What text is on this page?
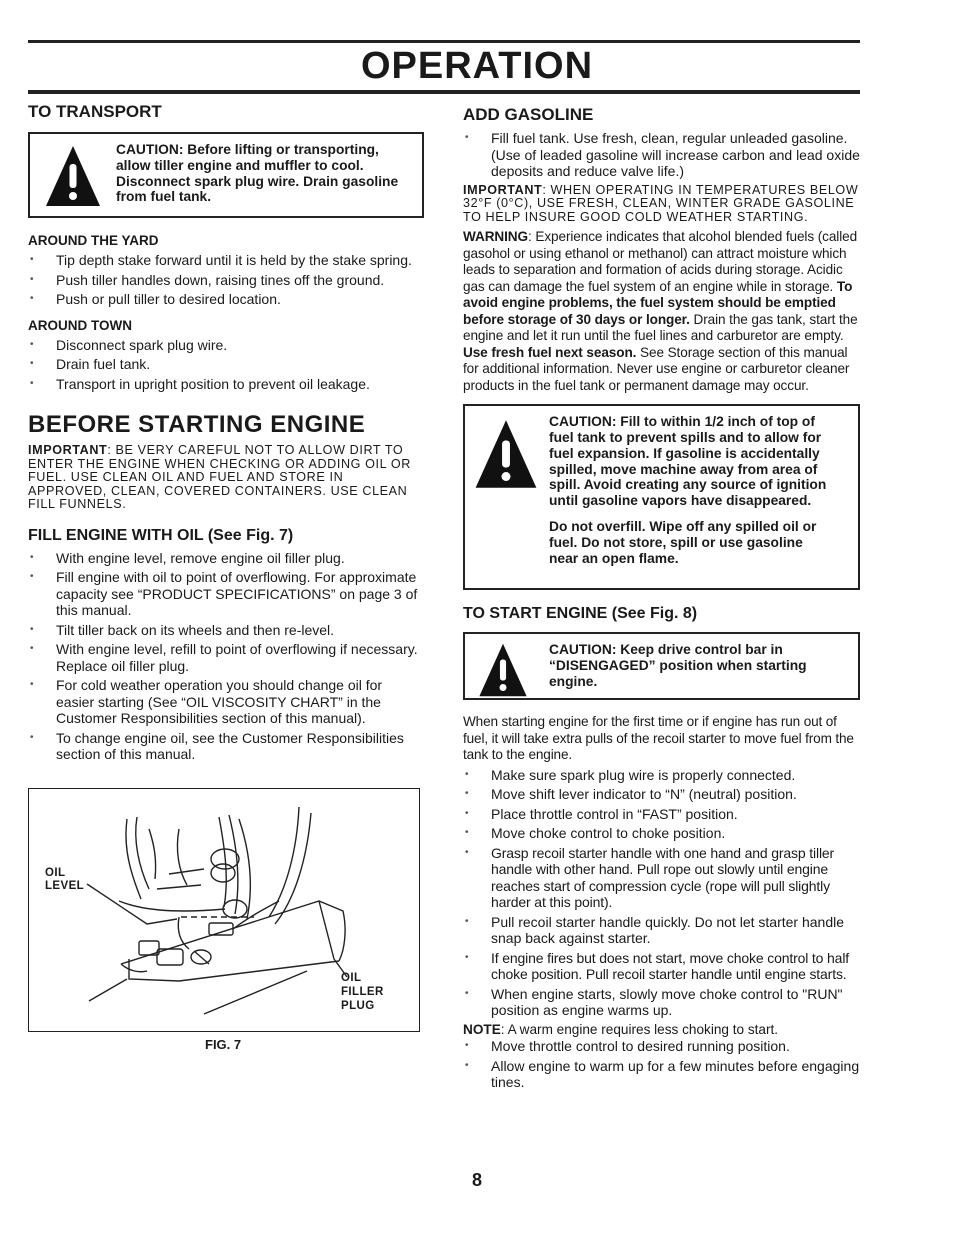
OPERATION
TO TRANSPORT

CAUTION: Before lifting or transporting, allow tiller engine and muffler to cool. Disconnect spark plug wire. Drain gasoline from fuel tank.

AROUND THE YARD
• Tip depth stake forward until it is held by the stake spring.
• Push tiller handles down, raising tines off the ground.
• Push or pull tiller to desired location.
AROUND TOWN
• Disconnect spark plug wire.
• Drain fuel tank.
• Transport in upright position to prevent oil leakage.
BEFORE STARTING ENGINE

IMPORTANT: BE VERY CAREFUL NOT TO ALLOW DIRT TO ENTER THE ENGINE WHEN CHECKING OR ADDING OIL OR FUEL. USE CLEAN OIL AND FUEL AND STORE IN APPROVED, CLEAN, COVERED CONTAINERS. USE CLEAN FILL FUNNELS.

FILL ENGINE WITH OIL (See Fig. 7)
• With engine level, remove engine oil filler plug.
• Fill engine with oil to point of overflowing. For approximate capacity see “PRODUCT SPECIFICATIONS” on page 3 of this manual.
• Tilt tiller back on its wheels and then re-level.
• With engine level, refill to point of overflowing if necessary. Replace oil filler plug.
• For cold weather operation you should change oil for easier starting (See “OIL VISCOSITY CHART” in the Customer Responsibilities section of this manual).
• To change engine oil, see the Customer Responsibilities section of this manual.
OIL
LEVEL
OIL
FILLER
PLUG
FIG. 7
ADD GASOLINE
• Fill fuel tank. Use fresh, clean, regular unleaded gasoline. (Use of leaded gasoline will increase carbon and lead oxide deposits and reduce valve life.)

IMPORTANT: WHEN OPERATING IN TEMPERATURES BELOW 32°F (0°C), USE FRESH, CLEAN, WINTER GRADE GASOLINE TO HELP INSURE GOOD COLD WEATHER STARTING.

WARNING: Experience indicates that alcohol blended fuels (called gasohol or using ethanol or methanol) can attract moisture which leads to separation and formation of acids during storage. Acidic gas can damage the fuel system of an engine while in storage. To avoid engine problems, the fuel system should be emptied before storage of 30 days or longer. Drain the gas tank, start the engine and let it run until the fuel lines and carburetor are empty. Use fresh fuel next season. See Storage section of this manual for additional information. Never use engine or carburetor cleaner products in the fuel tank or permanent damage may occur.

CAUTION: Fill to within 1/2 inch of top of fuel tank to prevent spills and to allow for fuel expansion. If gasoline is accidentally spilled, move machine away from area of spill. Avoid creating any source of ignition until gasoline vapors have disappeared.

Do not overfill. Wipe off any spilled oil or fuel. Do not store, spill or use gasoline near an open flame.

TO START ENGINE (See Fig. 8)

CAUTION: Keep drive control bar in “DISENGAGED” position when starting engine.

When starting engine for the first time or if engine has run out of fuel, it will take extra pulls of the recoil starter to move fuel from the tank to the engine.

• Make sure spark plug wire is properly connected.
• Move shift lever indicator to “N” (neutral) position.
• Place throttle control in “FAST” position.
• Move choke control to choke position.
• Grasp recoil starter handle with one hand and grasp tiller handle with other hand. Pull rope out slowly until engine reaches start of compression cycle (rope will pull slightly harder at this point).
• Pull recoil starter handle quickly. Do not let starter handle snap back against starter.
• If engine fires but does not start, move choke control to half choke position. Pull recoil starter handle until engine starts.
• When engine starts, slowly move choke control to "RUN" position as engine warms up.

NOTE: A warm engine requires less choking to start.

• Move throttle control to desired running position.
• Allow engine to warm up for a few minutes before engaging tines.
8
